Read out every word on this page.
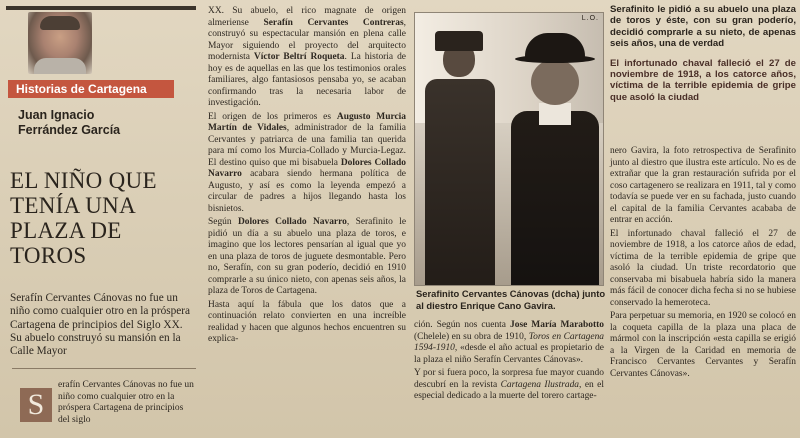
Historias de Cartagena
Juan Ignacio
Ferrández García
EL NIÑO QUE
TENÍA UNA
PLAZA DE TOROS
Serafín Cervantes Cánovas no fue un niño como cualquier otro en la próspera Cartagena de principios del Siglo XX. Su abuelo construyó su mansión en la Calle Mayor
S
erafín Cervantes Cánovas no fue un niño como cualquier otro en la próspera Cartagena de principios del siglo

XX. Su abuelo, el rico magnate de origen almeriense Serafín Cervantes Contreras, construyó su espectacular mansión en plena calle Mayor siguiendo el proyecto del arquitecto modernista Víctor Beltrí Roqueta. La historia de hoy es de aquellas en las que los testimonios orales familiares, algo fantasiosos pensaba yo, se acaban confirmando tras la necesaria labor de investigación.

El origen de los primeros es Augusto Murcia Martín de Vidales, administrador de la familia Cervantes y patriarca de una familia tan querida para mí como los Murcia-Collado y Murcia-Legaz. El destino quiso que mi bisabuela Dolores Collado Navarro acabara siendo hermana política de Augusto, y así es como la leyenda empezó a circular de padres a hijos llegando hasta los bisnietos.

Según Dolores Collado Navarro, Serafinito le pidió un día a su abuelo una plaza de toros, e imagino que los lectores pensarían al igual que yo en una plaza de toros de juguete desmontable. Pero no, Serafín, con su gran poderío, decidió en 1910 comprarle a su único nieto, con apenas seis años, la plaza de Toros de Cartagena.

Hasta aquí la fábula que los datos que a continuación relato convierten en una increíble realidad y hacen que algunos hechos encuentren su explica-

L.O.
Serafinito Cervantes Cánovas (dcha) junto al diestro Enrique Cano Gavira.

ción. Según nos cuenta Jose María Marabotto (Chelele) en su obra de 1910, Toros en Cartagena 1594-1910, «desde el año actual es propietario de la plaza el niño Serafín Cervantes Cánovas».

Y por si fuera poco, la sorpresa fue mayor cuando descubrí en la revista Cartagena Ilustrada, en el especial dedicado a la muerte del torero cartage-

Serafinito le pidió a su abuelo una plaza de toros y éste, con su gran poderío, decidió comprarle a su nieto, de apenas seis años, una de verdad
El infortunado chaval falleció el 27 de noviembre de 1918, a los catorce años, víctima de la terrible epidemia de gripe que asoló la ciudad

nero Gavira, la foto retrospectiva de Serafinito junto al diestro que ilustra este artículo. No es de extrañar que la gran restauración sufrida por el coso cartagenero se realizara en 1911, tal y como todavía se puede ver en su fachada, justo cuando el capital de la familia Cervantes acababa de entrar en acción.

El infortunado chaval falleció el 27 de noviembre de 1918, a los catorce años de edad, víctima de la terrible epidemia de gripe que asoló la ciudad. Un triste recordatorio que conservaba mi bisabuela habría sido la manera más fácil de conocer dicha fecha si no se hubiese conservado la hemeroteca.

Para perpetuar su memoria, en 1920 se colocó en la coqueta capilla de la plaza una placa de mármol con la inscripción «esta capilla se erigió a la Virgen de la Caridad en memoria de Francisco Cervantes Cervantes y Serafín Cervantes Cánovas».
